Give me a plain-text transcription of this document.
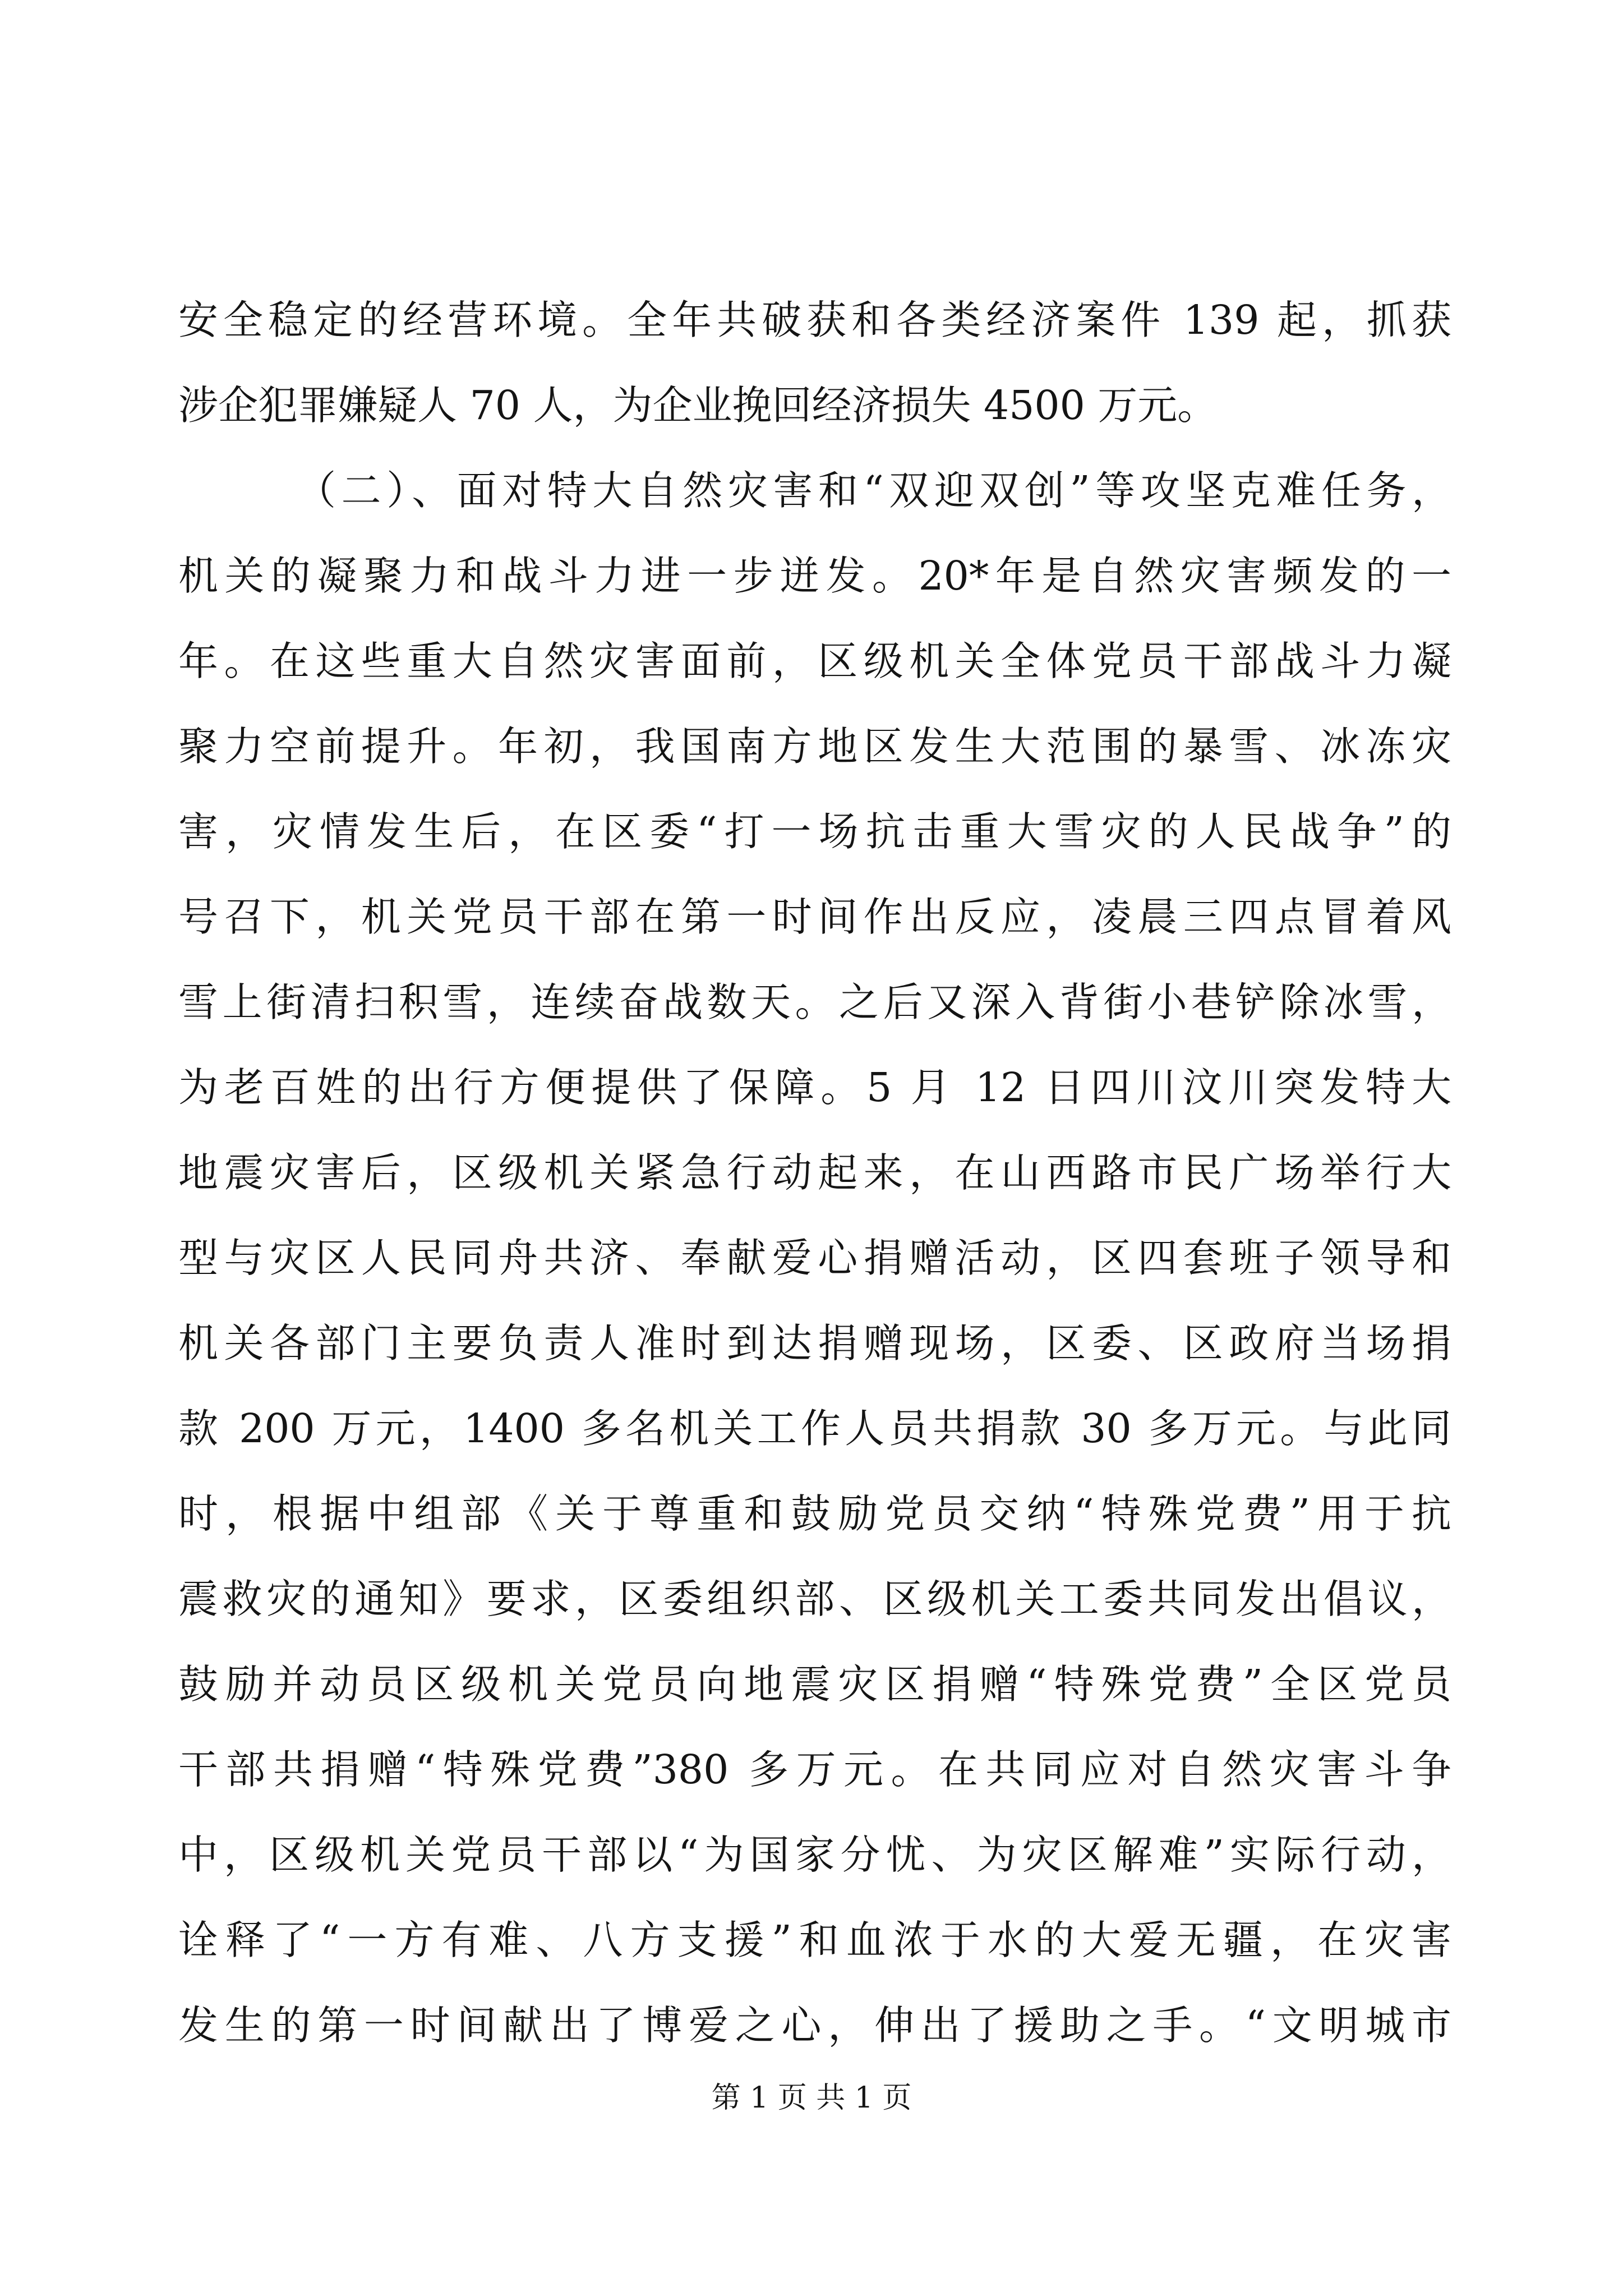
安全稳定的经营环境。全年共破获和各类经济案件 139 起，抓获
涉企犯罪嫌疑人 70 人，为企业挽回经济损失 4500 万元。
（二）、面对特大自然灾害和“双迎双创”等攻坚克难任务，
机关的凝聚力和战斗力进一步迸发。20*年是自然灾害频发的一
年。在这些重大自然灾害面前，区级机关全体党员干部战斗力凝
聚力空前提升。年初，我国南方地区发生大范围的暴雪、冰冻灾
害，灾情发生后，在区委“打一场抗击重大雪灾的人民战争”的
号召下，机关党员干部在第一时间作出反应，凌晨三四点冒着风
雪上街清扫积雪，连续奋战数天。之后又深入背街小巷铲除冰雪，
为老百姓的出行方便提供了保障。5 月 12 日四川汶川突发特大
地震灾害后，区级机关紧急行动起来，在山西路市民广场举行大
型与灾区人民同舟共济、奉献爱心捐赠活动，区四套班子领导和
机关各部门主要负责人准时到达捐赠现场，区委、区政府当场捐
款 200 万元，1400 多名机关工作人员共捐款 30 多万元。与此同
时，根据中组部《关于尊重和鼓励党员交纳“特殊党费”用于抗
震救灾的通知》要求，区委组织部、区级机关工委共同发出倡议，
鼓励并动员区级机关党员向地震灾区捐赠“特殊党费”全区党员
干部共捐赠“特殊党费”380 多万元。在共同应对自然灾害斗争
中，区级机关党员干部以“为国家分忧、为灾区解难”实际行动，
诠释了“一方有难、八方支援”和血浓于水的大爱无疆，在灾害
发生的第一时间献出了博爱之心，伸出了援助之手。“文明城市
第 1 页 共 1 页
